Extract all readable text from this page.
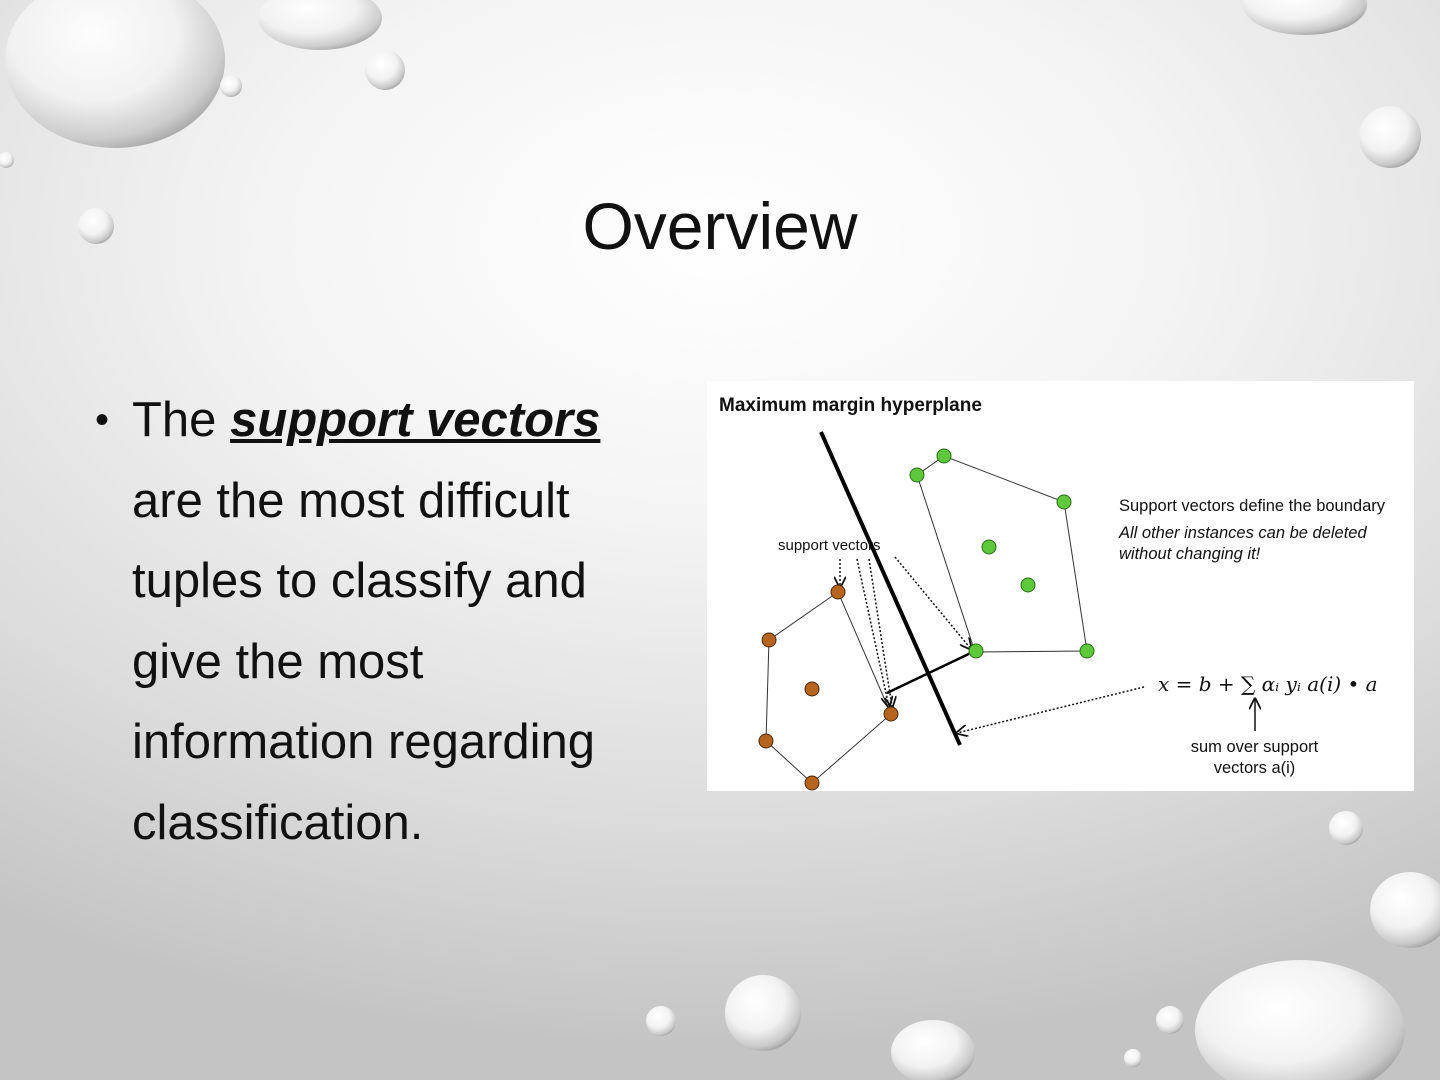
Overview
• The support vectors
are the most difficult
tuples to classify and
give the most
information regarding
classification.
Maximum margin hyperplane
support vectors
Support vectors define the boundary
All other instances can be deleted without changing it!
x = b + ∑ αᵢ yᵢ a(i) • a
sum over support vectors a(i)
